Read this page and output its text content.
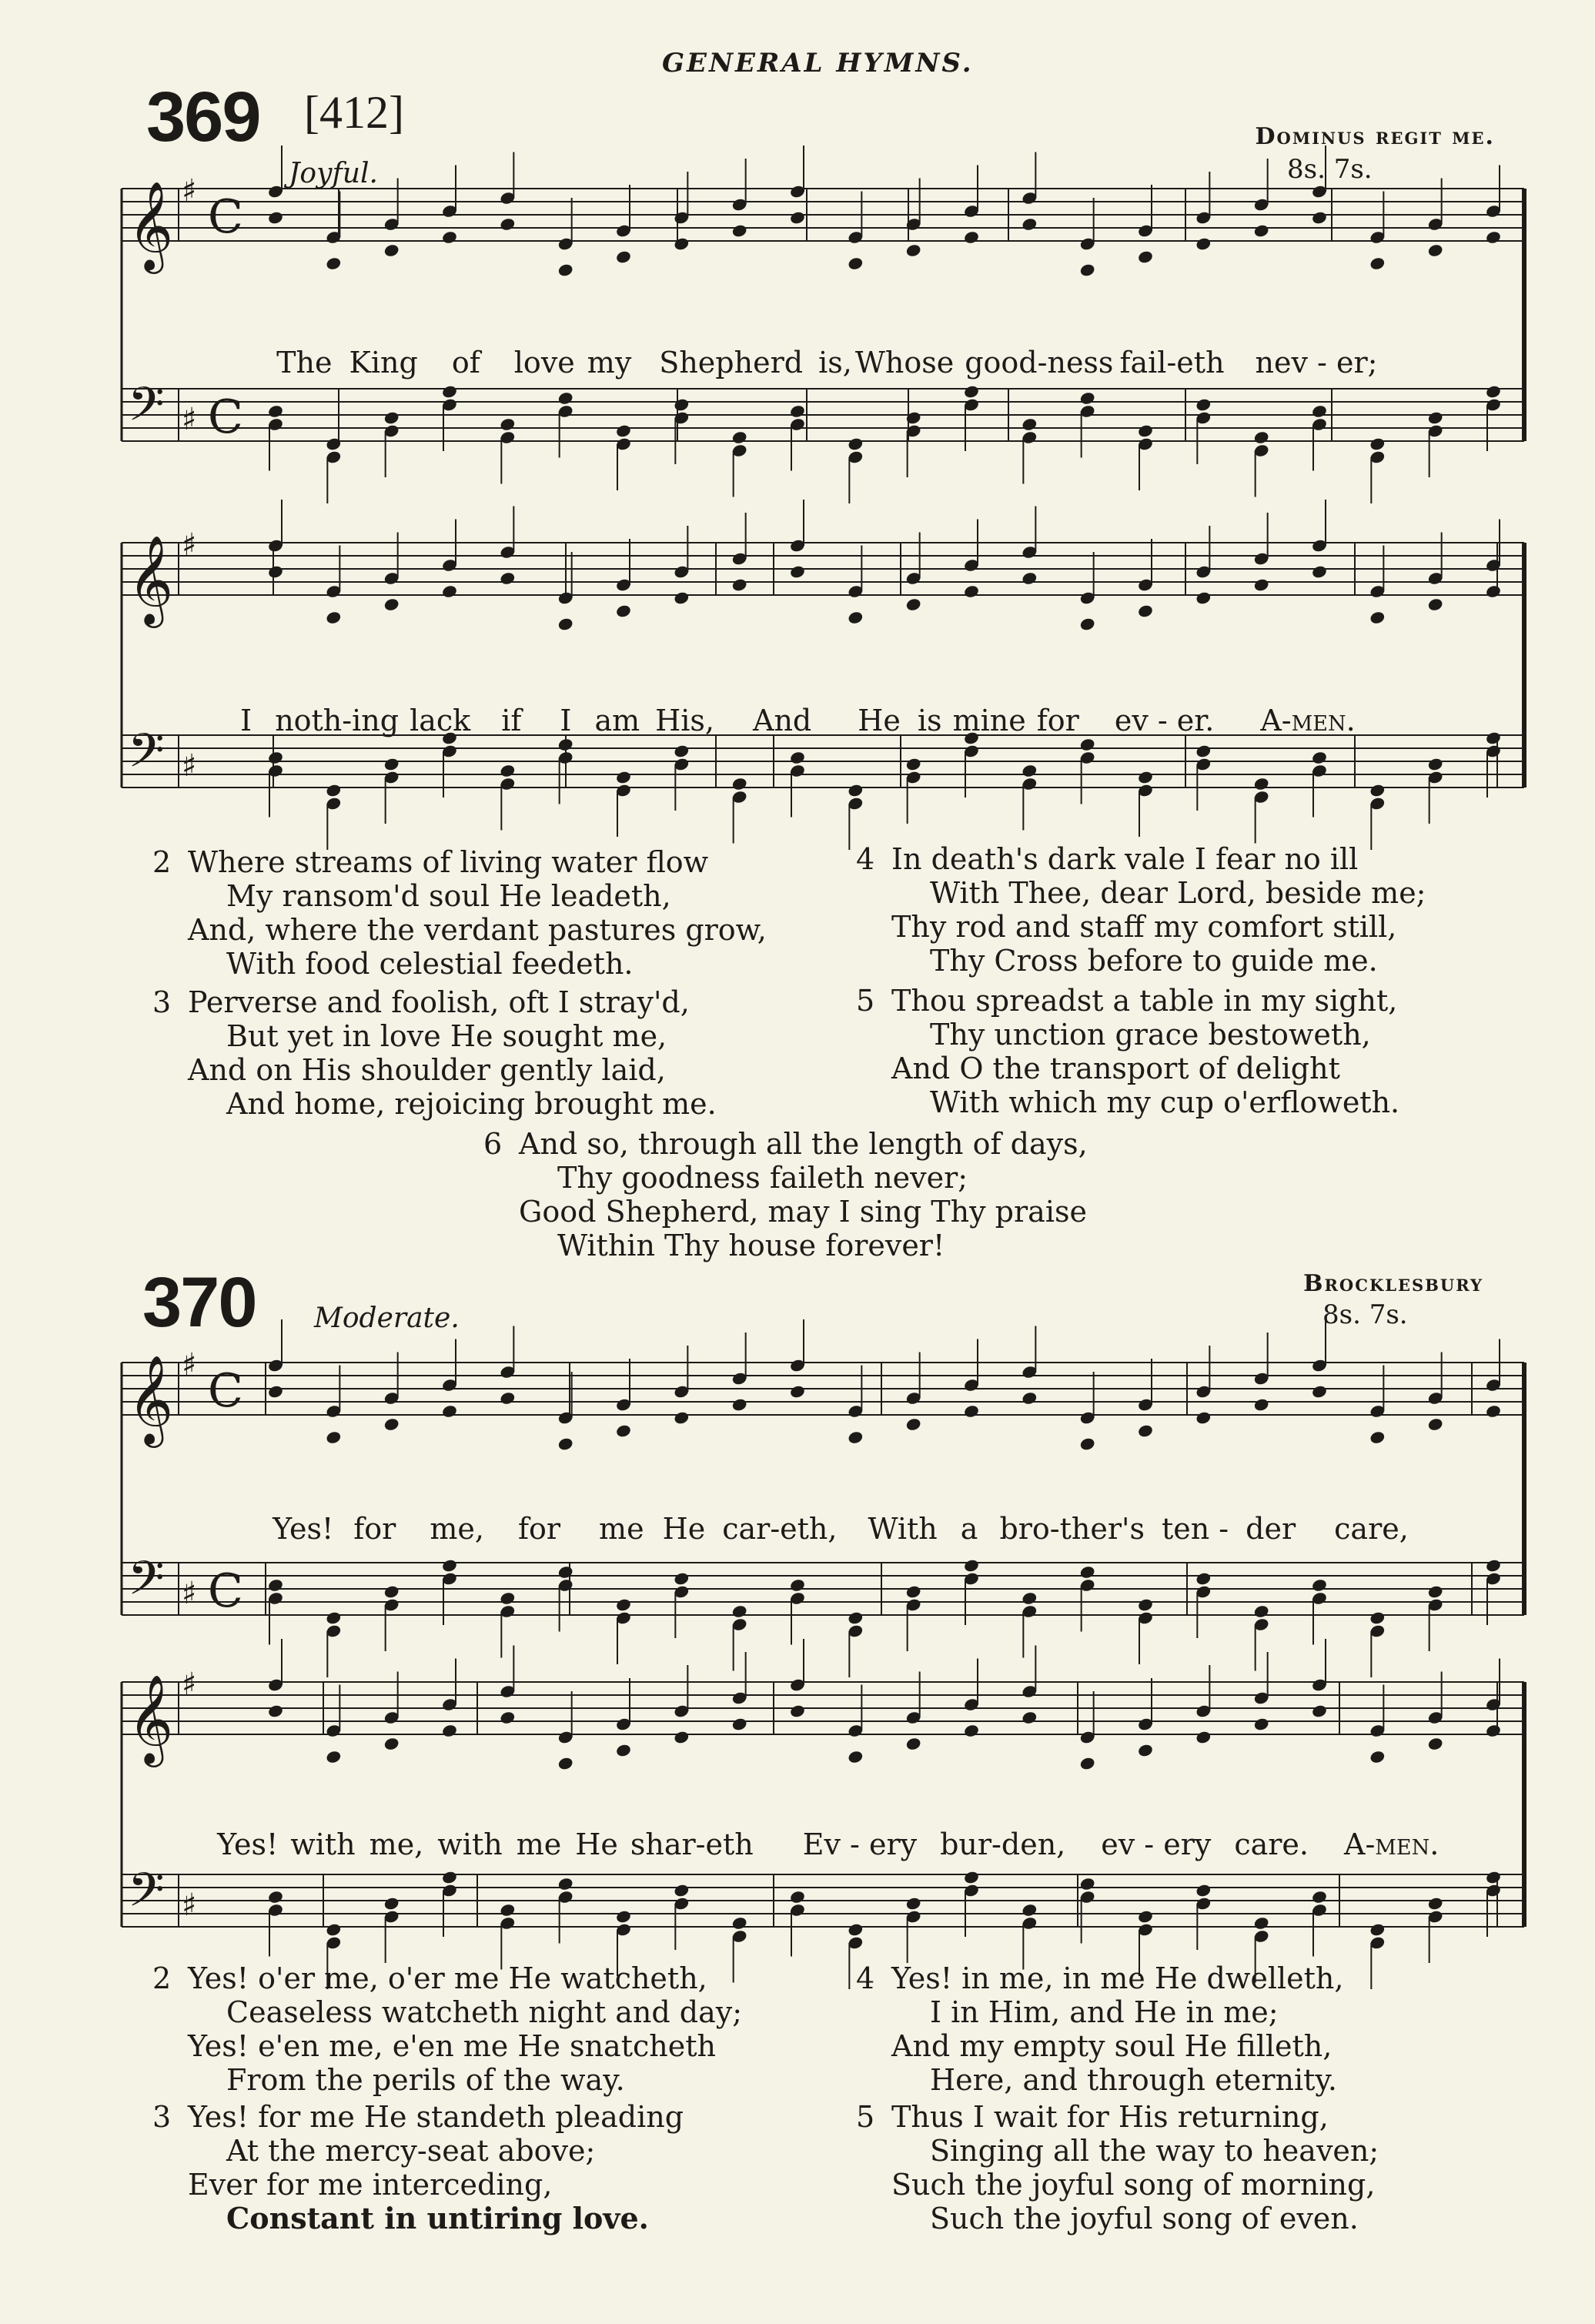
GENERAL HYMNS.
369 [412]
Joyful.
Dominus regit me.
8s. 7s.
370 Moderate.
Brocklesbury
8s. 7s.
𝄞 ♯ C
𝄢 ♯ C
𝄞 ♯
𝄢 ♯
𝄞 ♯ C
𝄢 ♯ C
𝄞 ♯
𝄢 ♯

The King of love my Shepherd is, Whose good-ness fail-eth nev - er;

I noth-ing lack if I am His, And He is mine for ev - er. A-men.

Yes! for me, for me He car-eth, With a bro-ther's ten - der care,

Yes! with me, with me He shar-eth Ev - ery bur-den, ev - ery care. A-men.

2 Where streams of living water flow
My ransom'd soul He leadeth,
And, where the verdant pastures grow,
With food celestial feedeth.
3 Perverse and foolish, oft I stray'd,
But yet in love He sought me,
And on His shoulder gently laid,
And home, rejoicing brought me.
4 In death's dark vale I fear no ill
With Thee, dear Lord, beside me;
Thy rod and staff my comfort still,
Thy Cross before to guide me.
5 Thou spreadst a table in my sight,
Thy unction grace bestoweth,
And O the transport of delight
With which my cup o'erfloweth.
6 And so, through all the length of days,
Thy goodness faileth never;
Good Shepherd, may I sing Thy praise
Within Thy house forever!
2 Yes! o'er me, o'er me He watcheth,
Ceaseless watcheth night and day;
Yes! e'en me, e'en me He snatcheth
From the perils of the way.
3 Yes! for me He standeth pleading
At the mercy-seat above;
Ever for me interceding,
Constant in untiring love.
4 Yes! in me, in me He dwelleth,
I in Him, and He in me;
And my empty soul He filleth,
Here, and through eternity.
5 Thus I wait for His returning,
Singing all the way to heaven;
Such the joyful song of morning,
Such the joyful song of even.
